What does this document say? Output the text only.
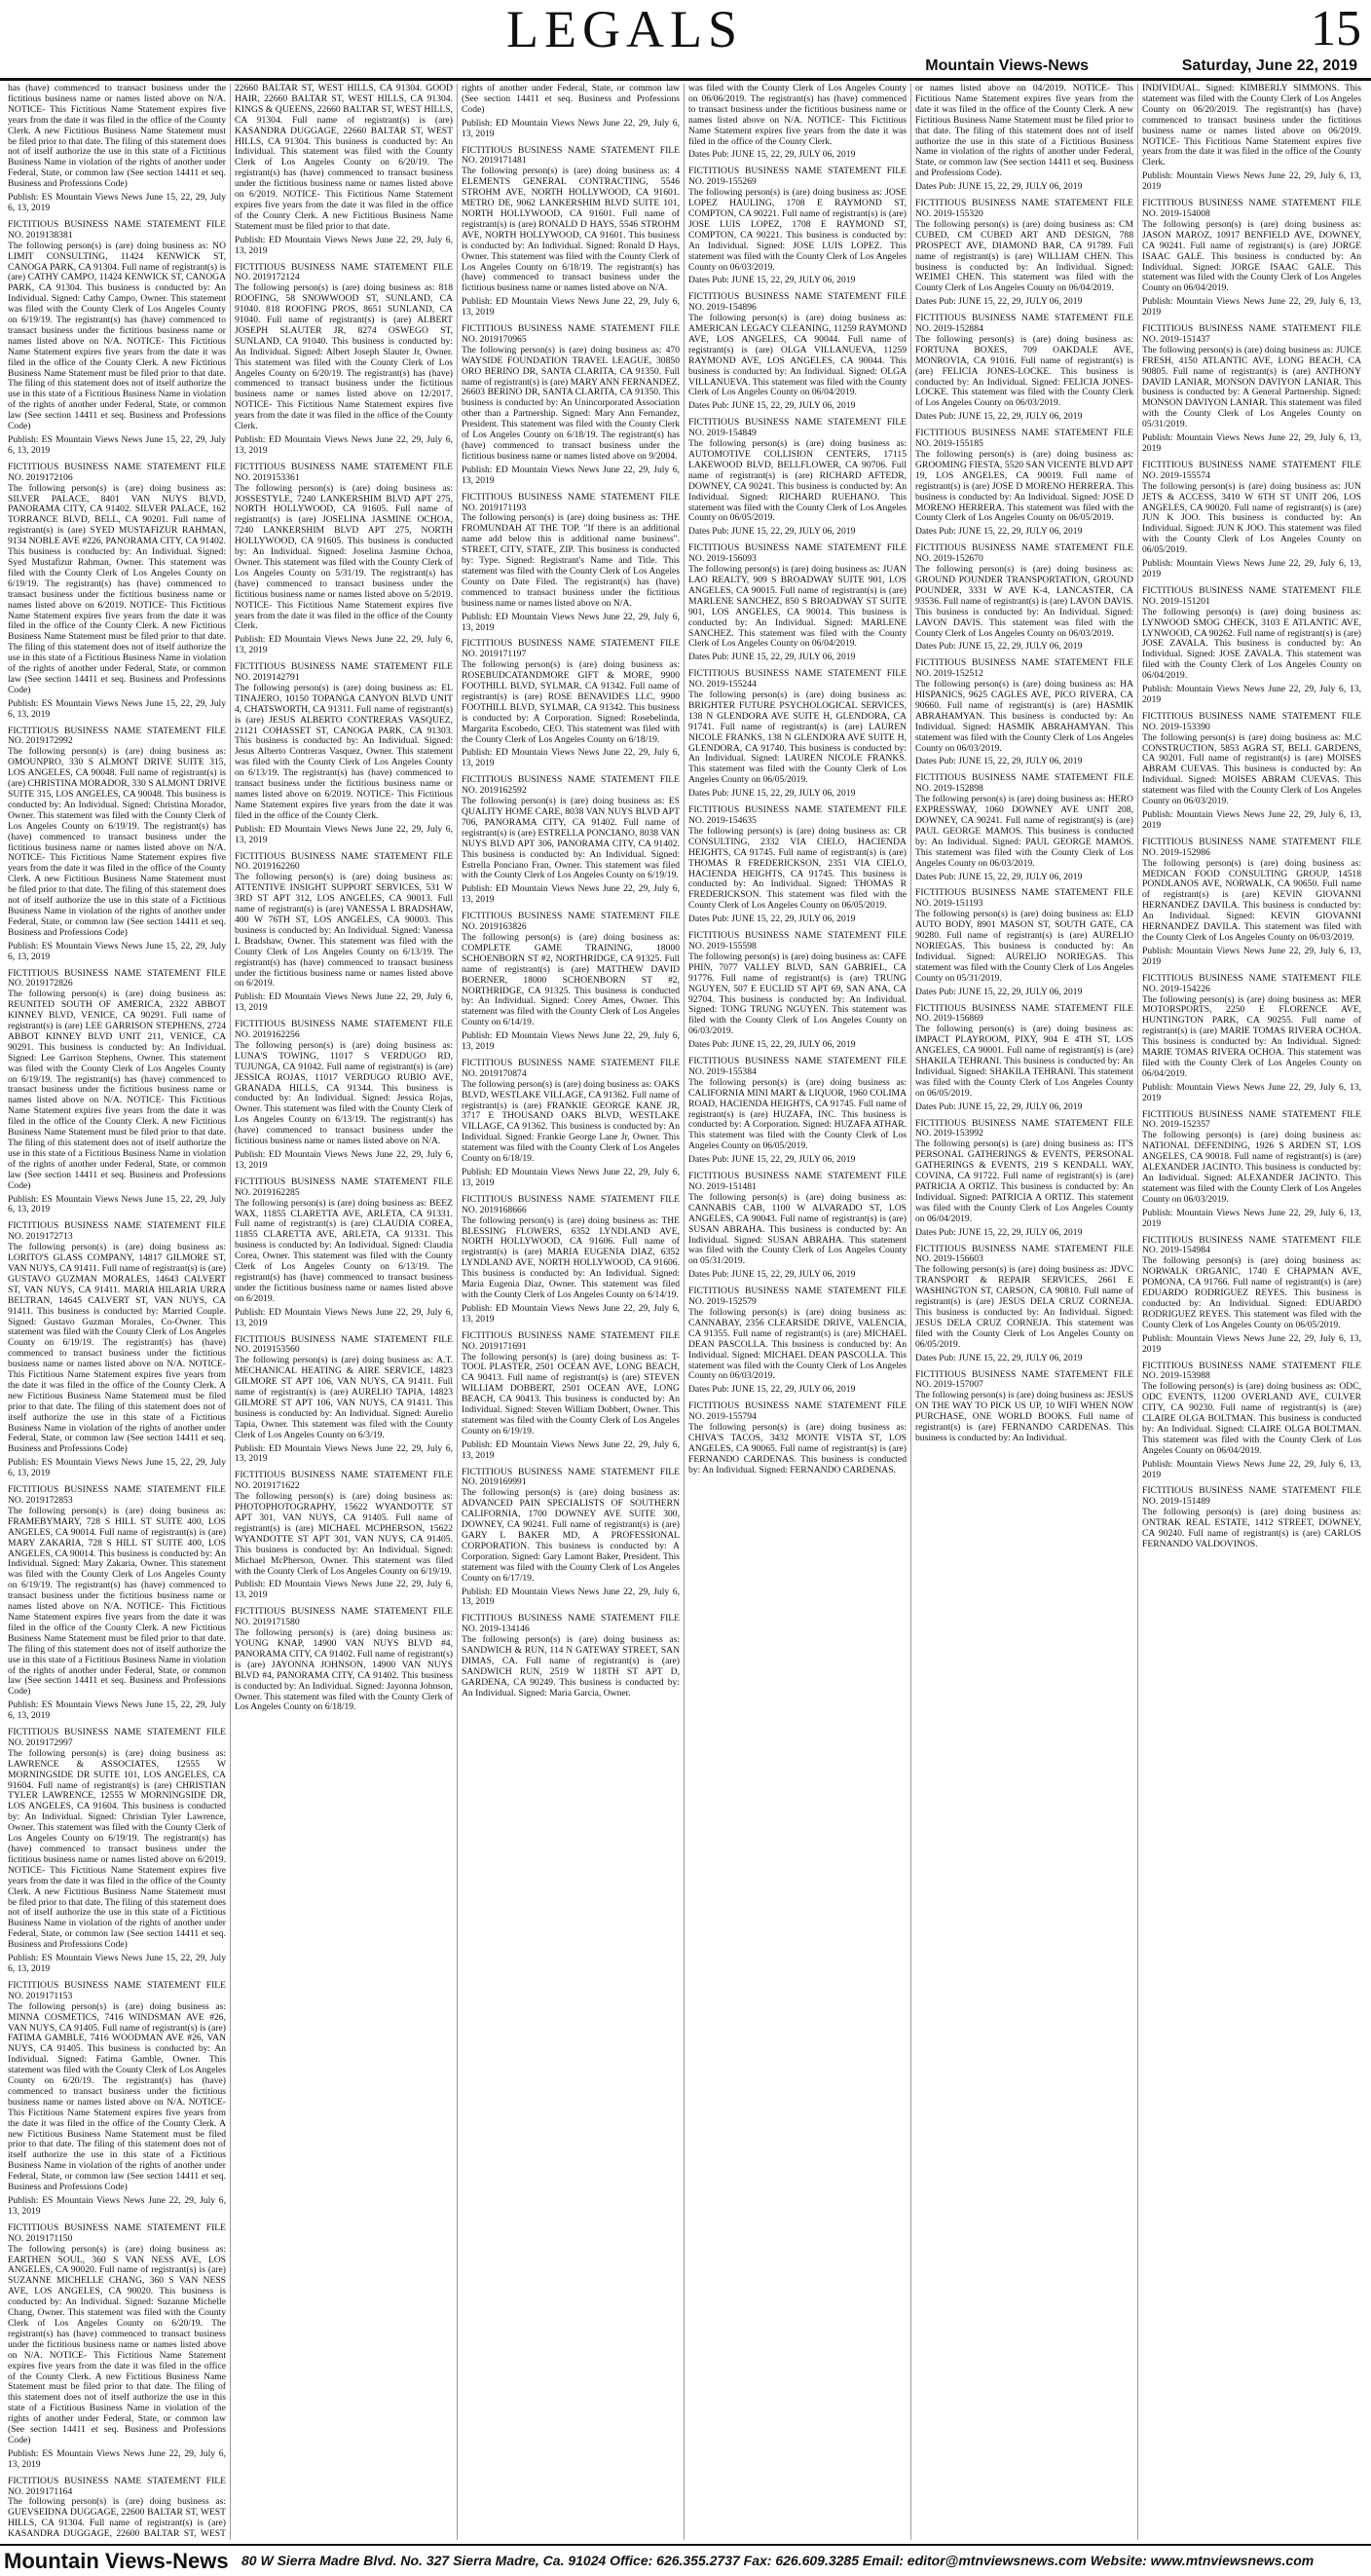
LEGALS	15
Mountain Views-News	Saturday, June 22, 2019

has (have) commenced to transact business under the fictitious business name or names listed above on N/A. NOTICE- This Fictitious Name Statement expires five years from the date it was filed in the office of the County Clerk. A new Fictitious Business Name Statement must be filed prior to that date. The filing of this statement does not of itself authorize the use in this state of a Fictitious Business Name in violation of the rights of another under Federal, State, or common law (See section 14411 et seq. Business and Professions Code)

Publish: ES Mountain Views News June 15, 22, 29, July 6, 13, 2019

FICTITIOUS BUSINESS NAME STATEMENT FILE NO. 2019138381

The following person(s) is (are) doing business as: NO LIMIT CONSULTING, 11424 KENWICK ST, CANOGA PARK, CA 91304. Full name of registrant(s) is (are) CATHY CAMPO, 11424 KENWICK ST, CANOGA PARK, CA 91304. This business is conducted by: An Individual. Signed: Cathy Campo, Owner. This statement was filed with the County Clerk of Los Angeles County on 6/19/19. The registrant(s) has (have) commenced to transact business under the fictitious business name or names listed above on N/A. NOTICE- This Fictitious Name Statement expires five years from the date it was filed in the office of the County Clerk. A new Fictitious Business Name Statement must be filed prior to that date. The filing of this statement does not of itself authorize the use in this state of a Fictitious Business Name in violation of the rights of another under Federal, State, or common law (See section 14411 et seq. Business and Professions Code)

Publish: ES Mountain Views News June 15, 22, 29, July 6, 13, 2019

FICTITIOUS BUSINESS NAME STATEMENT FILE NO. 2019172106

The following person(s) is (are) doing business as: SILVER PALACE, 8401 VAN NUYS BLVD, PANORAMA CITY, CA 91402. SILVER PALACE, 162 TORRANCE BLVD, BELL, CA 90201. Full name of registrant(s) is (are) SYED MUSTAFIZUR RAHMAN, 9134 NOBLE AVE #226, PANORAMA CITY, CA 91402. This business is conducted by: An Individual. Signed: Syed Mustafizur Rahman, Owner. This statement was filed with the County Clerk of Los Angeles County on 6/19/19. The registrant(s) has (have) commenced to transact business under the fictitious business name or names listed above on 6/2019. NOTICE- This Fictitious Name Statement expires five years from the date it was filed in the office of the County Clerk. A new Fictitious Business Name Statement must be filed prior to that date. The filing of this statement does not of itself authorize the use in this state of a Fictitious Business Name in violation of the rights of another under Federal, State, or common law (See section 14411 et seq. Business and Professions Code)

Publish: ES Mountain Views News June 15, 22, 29, July 6, 13, 2019

FICTITIOUS BUSINESS NAME STATEMENT FILE NO. 2019172992

The following person(s) is (are) doing business as: OMOUNPRO, 330 S ALMONT DRIVE SUITE 315, LOS ANGELES, CA 90048. Full name of registrant(s) is (are) CHRISTINA MORADOR, 330 S ALMONT DRIVE SUITE 315, LOS ANGELES, CA 90048. This business is conducted by: An Individual. Signed: Christina Morador, Owner. This statement was filed with the County Clerk of Los Angeles County on 6/19/19. The registrant(s) has (have) commenced to transact business under the fictitious business name or names listed above on N/A. NOTICE- This Fictitious Name Statement expires five years from the date it was filed in the office of the County Clerk. A new Fictitious Business Name Statement must be filed prior to that date. The filing of this statement does not of itself authorize the use in this state of a Fictitious Business Name in violation of the rights of another under Federal, State, or common law (See section 14411 et seq. Business and Professions Code)

Publish: ES Mountain Views News June 15, 22, 29, July 6, 13, 2019

FICTITIOUS BUSINESS NAME STATEMENT FILE NO. 2019172826

The following person(s) is (are) doing business as: REUNITED SOUTH OF AMERICA, 2322 ABBOT KINNEY BLVD, VENICE, CA 90291. Full name of registrant(s) is (are) LEE GARRISON STEPHENS, 2724 ABBOT KINNEY BLVD UNIT 211, VENICE, CA 90291. This business is conducted by: An Individual. Signed: Lee Garrison Stephens, Owner. This statement was filed with the County Clerk of Los Angeles County on 6/19/19. The registrant(s) has (have) commenced to transact business under the fictitious business name or names listed above on N/A. NOTICE- This Fictitious Name Statement expires five years from the date it was filed in the office of the County Clerk. A new Fictitious Business Name Statement must be filed prior to that date. The filing of this statement does not of itself authorize the use in this state of a Fictitious Business Name in violation of the rights of another under Federal, State, or common law (See section 14411 et seq. Business and Professions Code)

Publish: ES Mountain Views News June 15, 22, 29, July 6, 13, 2019

FICTITIOUS BUSINESS NAME STATEMENT FILE NO. 2019172713

The following person(s) is (are) doing business as: LORITO'S GLASS COMPANY, 14817 GILMORE ST, VAN NUYS, CA 91411. Full name of registrant(s) is (are) GUSTAVO GUZMAN MORALES, 14643 CALVERT ST, VAN NUYS, CA 91411. MARIA HILARIA URRA BELTRAN, 14645 CALVERT ST, VAN NUYS, CA 91411. This business is conducted by: Married Couple. Signed: Gustavo Guzman Morales, Co-Owner. This statement was filed with the County Clerk of Los Angeles County on 6/19/19. The registrant(s) has (have) commenced to transact business under the fictitious business name or names listed above on N/A. NOTICE- This Fictitious Name Statement expires five years from the date it was filed in the office of the County Clerk. A new Fictitious Business Name Statement must be filed prior to that date. The filing of this statement does not of itself authorize the use in this state of a Fictitious Business Name in violation of the rights of another under Federal, State, or common law (See section 14411 et seq. Business and Professions Code)

Publish: ES Mountain Views News June 15, 22, 29, July 6, 13, 2019

FICTITIOUS BUSINESS NAME STATEMENT FILE NO. 2019172853

The following person(s) is (are) doing business as: FRAMEBYMARY, 728 S HILL ST SUITE 400, LOS ANGELES, CA 90014. Full name of registrant(s) is (are) MARY ZAKARIA, 728 S HILL ST SUITE 400, LOS ANGELES, CA 90014. This business is conducted by: An Individual. Signed: Mary Zakaria, Owner. This statement was filed with the County Clerk of Los Angeles County on 6/19/19. The registrant(s) has (have) commenced to transact business under the fictitious business name or names listed above on N/A. NOTICE- This Fictitious Name Statement expires five years from the date it was filed in the office of the County Clerk. A new Fictitious Business Name Statement must be filed prior to that date. The filing of this statement does not of itself authorize the use in this state of a Fictitious Business Name in violation of the rights of another under Federal, State, or common law (See section 14411 et seq. Business and Professions Code)

Publish: ES Mountain Views News June 15, 22, 29, July 6, 13, 2019

FICTITIOUS BUSINESS NAME STATEMENT FILE NO. 2019172997

The following person(s) is (are) doing business as: LAWRENCE & ASSOCIATES, 12555 W MORNINGSIDE DR SUITE 101, LOS ANGELES, CA 91604. Full name of registrant(s) is (are) CHRISTIAN TYLER LAWRENCE, 12555 W MORNINGSIDE DR, LOS ANGELES, CA 91604. This business is conducted by: An Individual. Signed: Christian Tyler Lawrence, Owner. This statement was filed with the County Clerk of Los Angeles County on 6/19/19. The registrant(s) has (have) commenced to transact business under the fictitious business name or names listed above on 6/2019. NOTICE- This Fictitious Name Statement expires five years from the date it was filed in the office of the County Clerk. A new Fictitious Business Name Statement must be filed prior to that date. The filing of this statement does not of itself authorize the use in this state of a Fictitious Business Name in violation of the rights of another under Federal, State, or common law (See section 14411 et seq. Business and Professions Code)

Publish: ES Mountain Views News June 15, 22, 29, July 6, 13, 2019

FICTITIOUS BUSINESS NAME STATEMENT FILE NO. 2019171153

The following person(s) is (are) doing business as: MINNA COSMETICS, 7416 WINDSMAN AVE #26, VAN NUYS, CA 91405. Full name of registrant(s) is (are) FATIMA GAMBLE, 7416 WOODMAN AVE #26, VAN NUYS, CA 91405. This business is conducted by: An Individual. Signed: Fatima Gamble, Owner. This statement was filed with the County Clerk of Los Angeles County on 6/20/19. The registrant(s) has (have) commenced to transact business under the fictitious business name or names listed above on N/A. NOTICE- This Fictitious Name Statement expires five years from the date it was filed in the office of the County Clerk. A new Fictitious Business Name Statement must be filed prior to that date. The filing of this statement does not of itself authorize the use in this state of a Fictitious Business Name in violation of the rights of another under Federal, State, or common law (See section 14411 et seq. Business and Professions Code)

Publish: ES Mountain Views News June 22, 29, July 6, 13, 2019

FICTITIOUS BUSINESS NAME STATEMENT FILE NO. 2019171150

The following person(s) is (are) doing business as: EARTHEN SOUL, 360 S VAN NESS AVE, LOS ANGELES, CA 90020. Full name of registrant(s) is (are) SUZANNE MICHELLE CHANG, 360 S VAN NESS AVE, LOS ANGELES, CA 90020. This business is conducted by: An Individual. Signed: Suzanne Michelle Chang, Owner. This statement was filed with the County Clerk of Los Angeles County on 6/20/19. The registrant(s) has (have) commenced to transact business under the fictitious business name or names listed above on N/A. NOTICE- This Fictitious Name Statement expires five years from the date it was filed in the office of the County Clerk. A new Fictitious Business Name Statement must be filed prior to that date. The filing of this statement does not of itself authorize the use in this state of a Fictitious Business Name in violation of the rights of another under Federal, State, or common law (See section 14411 et seq. Business and Professions Code)

Publish: ES Mountain Views News June 22, 29, July 6, 13, 2019

FICTITIOUS BUSINESS NAME STATEMENT FILE NO. 2019171164

The following person(s) is (are) doing business as: GUEVSEIDNA DUGGAGE, 22600 BALTAR ST, WEST HILLS, CA 91304. Full name of registrant(s) is (are) KASANDRA DUGGAGE, 22600 BALTAR ST, WEST

22660 BALTAR ST, WEST HILLS, CA 91304. GOOD HAIR, 22660 BALTAR ST, WEST HILLS, CA 91304. KINGS & QUEENS, 22660 BALTAR ST, WEST HILLS, CA 91304. Full name of registrant(s) is (are) KASANDRA DUGGAGE, 22660 BALTAR ST, WEST HILLS, CA 91304. This business is conducted by: An Individual. This statement was filed with the County Clerk of Los Angeles County on 6/20/19. The registrant(s) has (have) commenced to transact business under the fictitious business name or names listed above on 6/2019. NOTICE- This Fictitious Name Statement expires five years from the date it was filed in the office of the County Clerk. A new Fictitious Business Name Statement must be filed prior to that date.

Publish: ED Mountain Views News June 22, 29, July 6, 13, 2019

FICTITIOUS BUSINESS NAME STATEMENT FILE NO. 2019172124

The following person(s) is (are) doing business as: 818 ROOFING, 58 SNOWWOOD ST, SUNLAND, CA 91040. 818 ROOFING PROS, 8651 SUNLAND, CA 91040. Full name of registrant(s) is (are) ALBERT JOSEPH SLAUTER JR, 8274 OSWEGO ST, SUNLAND, CA 91040. This business is conducted by: An Individual. Signed: Albert Joseph Slauter Jr, Owner. This statement was filed with the County Clerk of Los Angeles County on 6/20/19. The registrant(s) has (have) commenced to transact business under the fictitious business name or names listed above on 12/2017. NOTICE- This Fictitious Name Statement expires five years from the date it was filed in the office of the County Clerk.

Publish: ED Mountain Views News June 22, 29, July 6, 13, 2019

FICTITIOUS BUSINESS NAME STATEMENT FILE NO. 2019153361

The following person(s) is (are) doing business as: JOSSESTYLE, 7240 LANKERSHIM BLVD APT 275, NORTH HOLLYWOOD, CA 91605. Full name of registrant(s) is (are) JOSELINA JASMINE OCHOA, 7240 LANKERSHIM BLVD APT 275, NORTH HOLLYWOOD, CA 91605. This business is conducted by: An Individual. Signed: Joselina Jasmine Ochoa, Owner. This statement was filed with the County Clerk of Los Angeles County on 5/31/19. The registrant(s) has (have) commenced to transact business under the fictitious business name or names listed above on 5/2019. NOTICE- This Fictitious Name Statement expires five years from the date it was filed in the office of the County Clerk.

Publish: ED Mountain Views News June 22, 29, July 6, 13, 2019

FICTITIOUS BUSINESS NAME STATEMENT FILE NO. 2019142791

The following person(s) is (are) doing business as: EL TINAJERO, 10150 TOPANGA CANYON BLVD UNIT 4, CHATSWORTH, CA 91311. Full name of registrant(s) is (are) JESUS ALBERTO CONTRERAS VASQUEZ, 21121 COHASSET ST, CANOGA PARK, CA 91303. This business is conducted by: An Individual. Signed: Jesus Alberto Contreras Vasquez, Owner. This statement was filed with the County Clerk of Los Angeles County on 6/13/19. The registrant(s) has (have) commenced to transact business under the fictitious business name or names listed above on 6/2019. NOTICE- This Fictitious Name Statement expires five years from the date it was filed in the office of the County Clerk.

Publish: ED Mountain Views News June 22, 29, July 6, 13, 2019

FICTITIOUS BUSINESS NAME STATEMENT FILE NO. 2019162260

The following person(s) is (are) doing business as: ATTENTIVE INSIGHT SUPPORT SERVICES, 531 W 3RD ST APT 312, LOS ANGELES, CA 90013. Full name of registrant(s) is (are) VANESSA L BRADSHAW, 400 W 76TH ST, LOS ANGELES, CA 90003. This business is conducted by: An Individual. Signed: Vanessa L Bradshaw, Owner. This statement was filed with the County Clerk of Los Angeles County on 6/13/19. The registrant(s) has (have) commenced to transact business under the fictitious business name or names listed above on 6/2019.

Publish: ED Mountain Views News June 22, 29, July 6, 13, 2019

FICTITIOUS BUSINESS NAME STATEMENT FILE NO. 2019162256

The following person(s) is (are) doing business as: LUNA'S TOWING, 11017 S VERDUGO RD, TUJUNGA, CA 91042. Full name of registrant(s) is (are) JESSICA ROJAS, 11017 VERDUGO RUBIO AVE, GRANADA HILLS, CA 91344. This business is conducted by: An Individual. Signed: Jessica Rojas, Owner. This statement was filed with the County Clerk of Los Angeles County on 6/13/19. The registrant(s) has (have) commenced to transact business under the fictitious business name or names listed above on N/A.

Publish: ED Mountain Views News June 22, 29, July 6, 13, 2019

FICTITIOUS BUSINESS NAME STATEMENT FILE NO. 2019162285

The following person(s) is (are) doing business as: BEEZ WAX, 11855 CLARETTA AVE, ARLETA, CA 91331. Full name of registrant(s) is (are) CLAUDIA COREA, 11855 CLARETTA AVE, ARLETA, CA 91331. This business is conducted by: An Individual. Signed: Claudia Corea, Owner. This statement was filed with the County Clerk of Los Angeles County on 6/13/19. The registrant(s) has (have) commenced to transact business under the fictitious business name or names listed above on 6/2019.

Publish: ED Mountain Views News June 22, 29, July 6, 13, 2019

FICTITIOUS BUSINESS NAME STATEMENT FILE NO. 2019153560

The following person(s) is (are) doing business as: A.T. MECHANICAL HEATING & AIRE SERVICE, 14823 GILMORE ST APT 106, VAN NUYS, CA 91411. Full name of registrant(s) is (are) AURELIO TAPIA, 14823 GILMORE ST APT 106, VAN NUYS, CA 91411. This business is conducted by: An Individual. Signed: Aurelio Tapia, Owner. This statement was filed with the County Clerk of Los Angeles County on 6/3/19.

Publish: ED Mountain Views News June 22, 29, July 6, 13, 2019

FICTITIOUS BUSINESS NAME STATEMENT FILE NO. 2019171622

The following person(s) is (are) doing business as: PHOTOPHOTOGRAPHY, 15622 WYANDOTTE ST APT 301, VAN NUYS, CA 91405. Full name of registrant(s) is (are) MICHAEL MCPHERSON, 15622 WYANDOTTE ST APT 301, VAN NUYS, CA 91405. This business is conducted by: An Individual. Signed: Michael McPherson, Owner. This statement was filed with the County Clerk of Los Angeles County on 6/19/19.

Publish: ED Mountain Views News June 22, 29, July 6, 13, 2019

FICTITIOUS BUSINESS NAME STATEMENT FILE NO. 2019171580

The following person(s) is (are) doing business as: YOUNG KNAP, 14900 VAN NUYS BLVD #4, PANORAMA CITY, CA 91402. Full name of registrant(s) is (are) JAYONNA JOHNSON, 14900 VAN NUYS BLVD #4, PANORAMA CITY, CA 91402. This business is conducted by: An Individual. Signed: Jayonna Johnson, Owner. This statement was filed with the County Clerk of Los Angeles County on 6/18/19.

rights of another under Federal, State, or common law (See section 14411 et seq. Business and Professions Code)

Publish: ED Mountain Views News June 22, 29, July 6, 13, 2019

FICTITIOUS BUSINESS NAME STATEMENT FILE NO. 2019171481

The following person(s) is (are) doing business as: 4 ELEMENTS GENERAL CONTRACTING, 5546 STROHM AVE, NORTH HOLLYWOOD, CA 91601. METRO DE, 9062 LANKERSHIM BLVD SUITE 101, NORTH HOLLYWOOD, CA 91601. Full name of registrant(s) is (are) RONALD D HAYS, 5546 STROHM AVE, NORTH HOLLYWOOD, CA 91601. This business is conducted by: An Individual. Signed: Ronald D Hays, Owner. This statement was filed with the County Clerk of Los Angeles County on 6/18/19. The registrant(s) has (have) commenced to transact business under the fictitious business name or names listed above on N/A.

Publish: ED Mountain Views News June 22, 29, July 6, 13, 2019

FICTITIOUS BUSINESS NAME STATEMENT FILE NO. 2019170965

The following person(s) is (are) doing business as: 470 WAYSIDE FOUNDATION TRAVEL LEAGUE, 30850 ORO BERINO DR, SANTA CLARITA, CA 91350. Full name of registrant(s) is (are) MARY ANN FERNANDEZ, 26603 BERINO DR, SANTA CLARITA, CA 91350. This business is conducted by: An Unincorporated Association other than a Partnership. Signed: Mary Ann Fernandez, President. This statement was filed with the County Clerk of Los Angeles County on 6/18/19. The registrant(s) has (have) commenced to transact business under the fictitious business name or names listed above on 9/2004.

Publish: ED Mountain Views News June 22, 29, July 6, 13, 2019

FICTITIOUS BUSINESS NAME STATEMENT FILE NO. 2019171193

The following person(s) is (are) doing business as: THE FROMUNDAH AT THE TOP. "If there is an additional name add below this is additional name business". STREET, CITY, STATE, ZIP. This business is conducted by: Type. Signed: Registrant's Name and Title. This statement was filed with the County Clerk of Los Angeles County on Date Filed. The registrant(s) has (have) commenced to transact business under the fictitious business name or names listed above on N/A.

Publish: ED Mountain Views News June 22, 29, July 6, 13, 2019

FICTITIOUS BUSINESS NAME STATEMENT FILE NO. 2019171197

The following person(s) is (are) doing business as: ROSEBUDCATANDMORE GIFT & MORE, 9900 FOOTHILL BLVD, SYLMAR, CA 91342. Full name of registrant(s) is (are) ROSE BENAVIDES LLC, 9900 FOOTHILL BLVD, SYLMAR, CA 91342. This business is conducted by: A Corporation. Signed: Rosebelinda, Margarita Escobedo, CEO. This statement was filed with the County Clerk of Los Angeles County on 6/18/19.

Publish: ED Mountain Views News June 22, 29, July 6, 13, 2019

FICTITIOUS BUSINESS NAME STATEMENT FILE NO. 2019162592

The following person(s) is (are) doing business as: ES QUALITY HOME CARE, 8038 VAN NUYS BLVD APT 706, PANORAMA CITY, CA 91402. Full name of registrant(s) is (are) ESTRELLA PONCIANO, 8038 VAN NUYS BLVD APT 306, PANORAMA CITY, CA 91402. This business is conducted by: An Individual. Signed: Estrella Ponciano Fran, Owner. This statement was filed with the County Clerk of Los Angeles County on 6/19/19.

Publish: ED Mountain Views News June 22, 29, July 6, 13, 2019

FICTITIOUS BUSINESS NAME STATEMENT FILE NO. 2019163826

The following person(s) is (are) doing business as: COMPLETE GAME TRAINING, 18000 SCHOENBORN ST #2, NORTHRIDGE, CA 91325. Full name of registrant(s) is (are) MATTHEW DAVID BOERNER, 18000 SCHOENBORN ST #2, NORTHRIDGE, CA 91325. This business is conducted by: An Individual. Signed: Corey Ames, Owner. This statement was filed with the County Clerk of Los Angeles County on 6/14/19.

Publish: ED Mountain Views News June 22, 29, July 6, 13, 2019

FICTITIOUS BUSINESS NAME STATEMENT FILE NO. 2019170874

The following person(s) is (are) doing business as: OAKS BLVD, WESTLAKE VILLAGE, CA 91362. Full name of registrant(s) is (are) FRANKIE GEORGE KANE JR, 3717 E THOUSAND OAKS BLVD, WESTLAKE VILLAGE, CA 91362. This business is conducted by: An Individual. Signed: Frankie George Lane Jr, Owner. This statement was filed with the County Clerk of Los Angeles County on 6/18/19.

Publish: ED Mountain Views News June 22, 29, July 6, 13, 2019

FICTITIOUS BUSINESS NAME STATEMENT FILE NO. 2019168666

The following person(s) is (are) doing business as: THE BLESSING FLOWERS, 6352 LYNDLAND AVE, NORTH HOLLYWOOD, CA 91606. Full name of registrant(s) is (are) MARIA EUGENIA DIAZ, 6352 LYNDLAND AVE, NORTH HOLLYWOOD, CA 91606. This business is conducted by: An Individual. Signed: Maria Eugenia Diaz, Owner. This statement was filed with the County Clerk of Los Angeles County on 6/14/19.

Publish: ED Mountain Views News June 22, 29, July 6, 13, 2019

FICTITIOUS BUSINESS NAME STATEMENT FILE NO. 2019171691

The following person(s) is (are) doing business as: T-TOOL PLASTER, 2501 OCEAN AVE, LONG BEACH, CA 90413. Full name of registrant(s) is (are) STEVEN WILLIAM DOBBERT, 2501 OCEAN AVE, LONG BEACH, CA 90413. This business is conducted by: An Individual. Signed: Steven William Dobbert, Owner. This statement was filed with the County Clerk of Los Angeles County on 6/19/19.

Publish: ED Mountain Views News June 22, 29, July 6, 13, 2019

FICTITIOUS BUSINESS NAME STATEMENT FILE NO. 2019169991

The following person(s) is (are) doing business as: ADVANCED PAIN SPECIALISTS OF SOUTHERN CALIFORNIA, 1700 DOWNEY AVE SUITE 300, DOWNEY, CA 90241. Full name of registrant(s) is (are) GARY L BAKER MD, A PROFESSIONAL CORPORATION. This business is conducted by: A Corporation. Signed: Gary Lamont Baker, President. This statement was filed with the County Clerk of Los Angeles County on 6/17/19.

Publish: ED Mountain Views News June 22, 29, July 6, 13, 2019

FICTITIOUS BUSINESS NAME STATEMENT FILE NO. 2019-134146

The following person(s) is (are) doing business as: SANDWICH & RUN, 114 N GATEWAY STREET, SAN DIMAS, CA. Full name of registrant(s) is (are) SANDWICH RUN, 2519 W 118TH ST APT D, GARDENA, CA 90249. This business is conducted by: An Individual. Signed: Maria Garcia, Owner.

was filed with the County Clerk of Los Angeles County on 06/06/2019. The registrant(s) has (have) commenced to transact business under the fictitious business name or names listed above on N/A. NOTICE- This Fictitious Name Statement expires five years from the date it was filed in the office of the County Clerk.

Dates Pub: JUNE 15, 22, 29, JULY 06, 2019

FICTITIOUS BUSINESS NAME STATEMENT FILE NO. 2019-155269

The following person(s) is (are) doing business as: JOSE LOPEZ HAULING, 1708 E RAYMOND ST, COMPTON, CA 90221. Full name of registrant(s) is (are) JOSE LUIS LOPEZ, 1708 E RAYMOND ST, COMPTON, CA 90221. This business is conducted by: An Individual. Signed: JOSE LUIS LOPEZ. This statement was filed with the County Clerk of Los Angeles County on 06/03/2019.

Dates Pub: JUNE 15, 22, 29, JULY 06, 2019

FICTITIOUS BUSINESS NAME STATEMENT FILE NO. 2019-154896

The following person(s) is (are) doing business as: AMERICAN LEGACY CLEANING, 11259 RAYMOND AVE, LOS ANGELES, CA 90044. Full name of registrant(s) is (are) OLGA VILLANUEVA, 11259 RAYMOND AVE, LOS ANGELES, CA 90044. This business is conducted by: An Individual. Signed: OLGA VILLANUEVA. This statement was filed with the County Clerk of Los Angeles County on 06/04/2019.

Dates Pub: JUNE 15, 22, 29, JULY 06, 2019

FICTITIOUS BUSINESS NAME STATEMENT FILE NO. 2019-154849

The following person(s) is (are) doing business as: AUTOMOTIVE COLLISION CENTERS, 17115 LAKEWOOD BLVD, BELLFLOWER, CA 90706. Full name of registrant(s) is (are) RICHARD AFTEDR, DOWNEY, CA 90241. This business is conducted by: An Individual. Signed: RICHARD RUEHANO. This statement was filed with the County Clerk of Los Angeles County on 06/05/2019.

Dates Pub: JUNE 15, 22, 29, JULY 06, 2019

FICTITIOUS BUSINESS NAME STATEMENT FILE NO. 2019-156093

The following person(s) is (are) doing business as: JUAN LAO REALTY, 909 S BROADWAY SUITE 901, LOS ANGELES, CA 90015. Full name of registrant(s) is (are) MARLENE SANCHEZ, 850 S BROADWAY ST SUITE 901, LOS ANGELES, CA 90014. This business is conducted by: An Individual. Signed: MARLENE SANCHEZ. This statement was filed with the County Clerk of Los Angeles County on 06/04/2019.

Dates Pub: JUNE 15, 22, 29, JULY 06, 2019

FICTITIOUS BUSINESS NAME STATEMENT FILE NO. 2019-155244

The following person(s) is (are) doing business as: BRIGHTER FUTURE PSYCHOLOGICAL SERVICES, 138 N GLENDORA AVE SUITE H, GLENDORA, CA 91741. Full name of registrant(s) is (are) LAUREN NICOLE FRANKS, 138 N GLENDORA AVE SUITE H, GLENDORA, CA 91740. This business is conducted by: An Individual. Signed: LAUREN NICOLE FRANKS. This statement was filed with the County Clerk of Los Angeles County on 06/05/2019.

Dates Pub: JUNE 15, 22, 29, JULY 06, 2019

FICTITIOUS BUSINESS NAME STATEMENT FILE NO. 2019-154635

The following person(s) is (are) doing business as: CR CONSULTING, 2332 VIA CIELO, HACIENDA HEIGHTS, CA 91745. Full name of registrant(s) is (are) THOMAS R FREDERICKSON, 2351 VIA CIELO, HACIENDA HEIGHTS, CA 91745. This business is conducted by: An Individual. Signed: THOMAS R FREDERICKSON. This statement was filed with the County Clerk of Los Angeles County on 06/05/2019.

Dates Pub: JUNE 15, 22, 29, JULY 06, 2019

FICTITIOUS BUSINESS NAME STATEMENT FILE NO. 2019-155598

The following person(s) is (are) doing business as: CAFE PHIN, 7077 VALLEY BLVD, SAN GABRIEL, CA 91776. Full name of registrant(s) is (are) TRUNG NGUYEN, 507 E EUCLID ST APT 69, SAN ANA, CA 92704. This business is conducted by: An Individual. Signed: TONG TRUNG NGUYEN. This statement was filed with the County Clerk of Los Angeles County on 06/03/2019.

Dates Pub: JUNE 15, 22, 29, JULY 06, 2019

FICTITIOUS BUSINESS NAME STATEMENT FILE NO. 2019-155384

The following person(s) is (are) doing business as: CALIFORNIA MINI MART & LIQUOR, 1960 COLIMA ROAD, HACIENDA HEIGHTS, CA 91745. Full name of registrant(s) is (are) HUZAFA, INC. This business is conducted by: A Corporation. Signed: HUZAFA ATHAR. This statement was filed with the County Clerk of Los Angeles County on 06/05/2019.

Dates Pub: JUNE 15, 22, 29, JULY 06, 2019

FICTITIOUS BUSINESS NAME STATEMENT FILE NO. 2019-151481

The following person(s) is (are) doing business as: CANNABIS CAB, 1100 W ALVARADO ST, LOS ANGELES, CA 90043. Full name of registrant(s) is (are) SUSAN ABRAHA. This business is conducted by: An Individual. Signed: SUSAN ABRAHA. This statement was filed with the County Clerk of Los Angeles County on 05/31/2019.

Dates Pub: JUNE 15, 22, 29, JULY 06, 2019

FICTITIOUS BUSINESS NAME STATEMENT FILE NO. 2019-152579

The following person(s) is (are) doing business as: CANNABAY, 2356 CLEARSIDE DRIVE, VALENCIA, CA 91355. Full name of registrant(s) is (are) MICHAEL DEAN PASCOLLA. This business is conducted by: An Individual. Signed: MICHAEL DEAN PASCOLLA. This statement was filed with the County Clerk of Los Angeles County on 06/03/2019.

Dates Pub: JUNE 15, 22, 29, JULY 06, 2019

FICTITIOUS BUSINESS NAME STATEMENT FILE NO. 2019-155794

The following person(s) is (are) doing business as: CHIVA'S TACOS, 3432 MONTE VISTA ST, LOS ANGELES, CA 90065. Full name of registrant(s) is (are) FERNANDO CARDENAS. This business is conducted by: An Individual. Signed: FERNANDO CARDENAS.

or names listed above on 04/2019. NOTICE- This Fictitious Name Statement expires five years from the date it was filed in the office of the County Clerk. A new Fictitious Business Name Statement must be filed prior to that date. The filing of this statement does not of itself authorize the use in this state of a Fictitious Business Name in violation of the rights of another under Federal, State, or common law (See section 14411 et seq. Business and Professions Code).

Dates Pub: JUNE 15, 22, 29, JULY 06, 2019

FICTITIOUS BUSINESS NAME STATEMENT FILE NO. 2019-155320

The following person(s) is (are) doing business as: CM CUBED, CM CUBED ART AND DESIGN, 788 PROSPECT AVE, DIAMOND BAR, CA 91789. Full name of registrant(s) is (are) WILLIAM CHEN. This business is conducted by: An Individual. Signed: WEIMEI CHEN. This statement was filed with the County Clerk of Los Angeles County on 06/04/2019.

Dates Pub: JUNE 15, 22, 29, JULY 06, 2019

FICTITIOUS BUSINESS NAME STATEMENT FILE NO. 2019-152884

The following person(s) is (are) doing business as: FORTUNA BOXES, 709 OAKDALE AVE, MONROVIA, CA 91016. Full name of registrant(s) is (are) FELICIA JONES-LOCKE. This business is conducted by: An Individual. Signed: FELICIA JONES-LOCKE. This statement was filed with the County Clerk of Los Angeles County on 06/03/2019.

Dates Pub: JUNE 15, 22, 29, JULY 06, 2019

FICTITIOUS BUSINESS NAME STATEMENT FILE NO. 2019-155185

The following person(s) is (are) doing business as: GROOMING FIESTA, 5520 SAN VICENTE BLVD APT 19, LOS ANGELES, CA 90019. Full name of registrant(s) is (are) JOSE D MORENO HERRERA. This business is conducted by: An Individual. Signed: JOSE D MORENO HERRERA. This statement was filed with the County Clerk of Los Angeles County on 06/05/2019.

Dates Pub: JUNE 15, 22, 29, JULY 06, 2019

FICTITIOUS BUSINESS NAME STATEMENT FILE NO. 2019-152670

The following person(s) is (are) doing business as: GROUND POUNDER TRANSPORTATION, GROUND POUNDER, 3331 W AVE K-4, LANCASTER, CA 93536. Full name of registrant(s) is (are) LAVON DAVIS. This business is conducted by: An Individual. Signed: LAVON DAVIS. This statement was filed with the County Clerk of Los Angeles County on 06/03/2019.

Dates Pub: JUNE 15, 22, 29, JULY 06, 2019

FICTITIOUS BUSINESS NAME STATEMENT FILE NO. 2019-152512

The following person(s) is (are) doing business as: HA HISPANICS, 9625 CAGLES AVE, PICO RIVERA, CA 90660. Full name of registrant(s) is (are) HASMIK ABRAHAMYAN. This business is conducted by: An Individual. Signed: HASMIK ABRAHAMYAN. This statement was filed with the County Clerk of Los Angeles County on 06/03/2019.

Dates Pub: JUNE 15, 22, 29, JULY 06, 2019

FICTITIOUS BUSINESS NAME STATEMENT FILE NO. 2019-152898

The following person(s) is (are) doing business as: HERO EXPRESSWAY, 1060 DOWNEY AVE UNIT 208, DOWNEY, CA 90241. Full name of registrant(s) is (are) PAUL GEORGE MAMOS. This business is conducted by: An Individual. Signed: PAUL GEORGE MAMOS. This statement was filed with the County Clerk of Los Angeles County on 06/03/2019.

Dates Pub: JUNE 15, 22, 29, JULY 06, 2019

FICTITIOUS BUSINESS NAME STATEMENT FILE NO. 2019-151193

The following person(s) is (are) doing business as: ELD AUTO BODY, 8901 MASON ST, SOUTH GATE, CA 90280. Full name of registrant(s) is (are) AURELIO NORIEGAS. This business is conducted by: An Individual. Signed: AURELIO NORIEGAS. This statement was filed with the County Clerk of Los Angeles County on 05/31/2019.

Dates Pub: JUNE 15, 22, 29, JULY 06, 2019

FICTITIOUS BUSINESS NAME STATEMENT FILE NO. 2019-156869

The following person(s) is (are) doing business as: IMPACT PLAYROOM, PIXY, 904 E 4TH ST, LOS ANGELES, CA 90001. Full name of registrant(s) is (are) SHAKILA TEHRANI. This business is conducted by: An Individual. Signed: SHAKILA TEHRANI. This statement was filed with the County Clerk of Los Angeles County on 06/05/2019.

Dates Pub: JUNE 15, 22, 29, JULY 06, 2019

FICTITIOUS BUSINESS NAME STATEMENT FILE NO. 2019-153992

The following person(s) is (are) doing business as: IT'S PERSONAL GATHERINGS & EVENTS, PERSONAL GATHERINGS & EVENTS, 219 S KENDALL WAY, COVINA, CA 91722. Full name of registrant(s) is (are) PATRICIA A ORTIZ. This business is conducted by: An Individual. Signed: PATRICIA A ORTIZ. This statement was filed with the County Clerk of Los Angeles County on 06/04/2019.

Dates Pub: JUNE 15, 22, 29, JULY 06, 2019

FICTITIOUS BUSINESS NAME STATEMENT FILE NO. 2019-156603

The following person(s) is (are) doing business as: JDVC TRANSPORT & REPAIR SERVICES, 2661 E WASHINGTON ST, CARSON, CA 90810. Full name of registrant(s) is (are) JESUS DELA CRUZ CORNEJA. This business is conducted by: An Individual. Signed: JESUS DELA CRUZ CORNEJA. This statement was filed with the County Clerk of Los Angeles County on 06/05/2019.

Dates Pub: JUNE 15, 22, 29, JULY 06, 2019

FICTITIOUS BUSINESS NAME STATEMENT FILE NO. 2019-157007

The following person(s) is (are) doing business as: JESUS ON THE WAY TO PICK US UP, 10 WIFI WHEN NOW PURCHASE, ONE WORLD BOOKS. Full name of registrant(s) is (are) FERNANDO CARDENAS. This business is conducted by: An Individual.

INDIVIDUAL. Signed: KIMBERLY SIMMONS. This statement was filed with the County Clerk of Los Angeles County on 06/20/2019. The registrant(s) has (have) commenced to transact business under the fictitious business name or names listed above on 06/2019. NOTICE- This Fictitious Name Statement expires five years from the date it was filed in the office of the County Clerk.

Publish: Mountain Views News June 22, 29, July 6, 13, 2019

FICTITIOUS BUSINESS NAME STATEMENT FILE NO. 2019-154008

The following person(s) is (are) doing business as: JASON MAROZ, 10917 BENFIELD AVE, DOWNEY, CA 90241. Full name of registrant(s) is (are) JORGE ISAAC GALE. This business is conducted by: An Individual. Signed: JORGE ISAAC GALE. This statement was filed with the County Clerk of Los Angeles County on 06/04/2019.

Publish: Mountain Views News June 22, 29, July 6, 13, 2019

FICTITIOUS BUSINESS NAME STATEMENT FILE NO. 2019-151437

The following person(s) is (are) doing business as: JUICE FRESH, 4150 ATLANTIC AVE, LONG BEACH, CA 90805. Full name of registrant(s) is (are) ANTHONY DAVID LANIAR, MONSON DAVIYON LANIAR. This business is conducted by: A General Partnership. Signed: MONSON DAVIYON LANIAR. This statement was filed with the County Clerk of Los Angeles County on 05/31/2019.

Publish: Mountain Views News June 22, 29, July 6, 13, 2019

FICTITIOUS BUSINESS NAME STATEMENT FILE NO. 2019-155574

The following person(s) is (are) doing business as: JUN JETS & ACCESS, 3410 W 6TH ST UNIT 206, LOS ANGELES, CA 90020. Full name of registrant(s) is (are) JUN K JOO. This business is conducted by: An Individual. Signed: JUN K JOO. This statement was filed with the County Clerk of Los Angeles County on 06/05/2019.

Publish: Mountain Views News June 22, 29, July 6, 13, 2019

FICTITIOUS BUSINESS NAME STATEMENT FILE NO. 2019-151201

The following person(s) is (are) doing business as: LYNWOOD SMOG CHECK, 3103 E ATLANTIC AVE, LYNWOOD, CA 90262. Full name of registrant(s) is (are) JOSE ZAVALA. This business is conducted by: An Individual. Signed: JOSE ZAVALA. This statement was filed with the County Clerk of Los Angeles County on 06/04/2019.

Publish: Mountain Views News June 22, 29, July 6, 13, 2019

FICTITIOUS BUSINESS NAME STATEMENT FILE NO. 2019-153390

The following person(s) is (are) doing business as: M.C CONSTRUCTION, 5853 AGRA ST, BELL GARDENS, CA 90201. Full name of registrant(s) is (are) MOISES ABRAM CUEVAS. This business is conducted by: An Individual. Signed: MOISES ABRAM CUEVAS. This statement was filed with the County Clerk of Los Angeles County on 06/03/2019.

Publish: Mountain Views News June 22, 29, July 6, 13, 2019

FICTITIOUS BUSINESS NAME STATEMENT FILE NO. 2019-152986

The following person(s) is (are) doing business as: MEDICAN FOOD CONSULTING GROUP, 14518 PONDLANOS AVE, NORWALK, CA 90650. Full name of registrant(s) is (are) KEVIN GIOVANNI HERNANDEZ DAVILA. This business is conducted by: An Individual. Signed: KEVIN GIOVANNI HERNANDEZ DAVILA. This statement was filed with the County Clerk of Los Angeles County on 06/03/2019.

Publish: Mountain Views News June 22, 29, July 6, 13, 2019

FICTITIOUS BUSINESS NAME STATEMENT FILE NO. 2019-154226

The following person(s) is (are) doing business as: MER MOTORSPORTS, 2250 E FLORENCE AVE, HUNTINGTON PARK, CA 90255. Full name of registrant(s) is (are) MARIE TOMAS RIVERA OCHOA. This business is conducted by: An Individual. Signed: MARIE TOMAS RIVERA OCHOA. This statement was filed with the County Clerk of Los Angeles County on 06/04/2019.

Publish: Mountain Views News June 22, 29, July 6, 13, 2019

FICTITIOUS BUSINESS NAME STATEMENT FILE NO. 2019-152357

The following person(s) is (are) doing business as: NATIONAL DEFENDING, 1926 S ARDEN ST, LOS ANGELES, CA 90018. Full name of registrant(s) is (are) ALEXANDER JACINTO. This business is conducted by: An Individual. Signed: ALEXANDER JACINTO. This statement was filed with the County Clerk of Los Angeles County on 06/03/2019.

Publish: Mountain Views News June 22, 29, July 6, 13, 2019

FICTITIOUS BUSINESS NAME STATEMENT FILE NO. 2019-154984

The following person(s) is (are) doing business as: NORWALK ORGANIC, 1740 E CHAPMAN AVE, POMONA, CA 91766. Full name of registrant(s) is (are) EDUARDO RODRIGUEZ REYES. This business is conducted by: An Individual. Signed: EDUARDO RODRIGUEZ REYES. This statement was filed with the County Clerk of Los Angeles County on 06/05/2019.

Publish: Mountain Views News June 22, 29, July 6, 13, 2019

FICTITIOUS BUSINESS NAME STATEMENT FILE NO. 2019-153988

The following person(s) is (are) doing business as: ODC, ODC EVENTS, 11200 OVERLAND AVE, CULVER CITY, CA 90230. Full name of registrant(s) is (are) CLAIRE OLGA BOLTMAN. This business is conducted by: An Individual. Signed: CLAIRE OLGA BOLTMAN. This statement was filed with the County Clerk of Los Angeles County on 06/04/2019.

Publish: Mountain Views News June 22, 29, July 6, 13, 2019

FICTITIOUS BUSINESS NAME STATEMENT FILE NO. 2019-151489

The following person(s) is (are) doing business as: ONTRAK REAL ESTATE, 1412 STREET, DOWNEY, CA 90240. Full name of registrant(s) is (are) CARLOS FERNANDO VALDOVINOS.

Mountain Views-News 80 W Sierra Madre Blvd. No. 327 Sierra Madre, Ca. 91024 Office: 626.355.2737 Fax: 626.609.3285 Email: editor@mtnviewsnews.com Website: www.mtnviewsnews.com
